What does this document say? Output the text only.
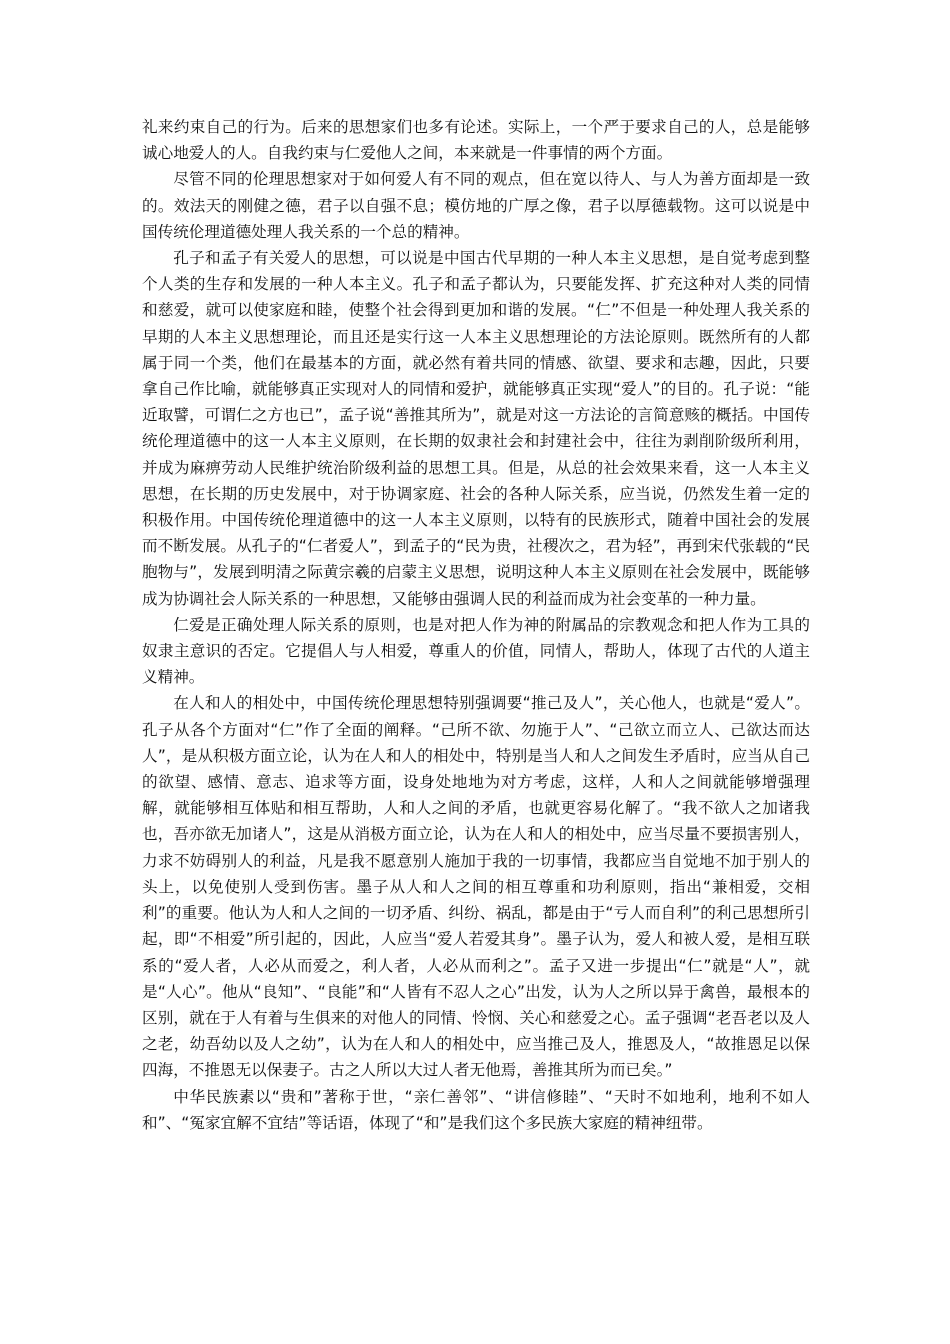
礼来约束自己的行为。后来的思想家们也多有论述。实际上，一个严于要求自己的人，总是能够诚心地爱人的人。自我约束与仁爱他人之间，本来就是一件事情的两个方面。

尽管不同的伦理思想家对于如何爱人有不同的观点，但在宽以待人、与人为善方面却是一致的。效法天的刚健之德，君子以自强不息；模仿地的广厚之像，君子以厚德载物。这可以说是中国传统伦理道德处理人我关系的一个总的精神。

孔子和孟子有关爱人的思想，可以说是中国古代早期的一种人本主义思想，是自觉考虑到整个人类的生存和发展的一种人本主义。孔子和孟子都认为，只要能发挥、扩充这种对人类的同情和慈爱，就可以使家庭和睦，使整个社会得到更加和谐的发展。“仁”不但是一种处理人我关系的早期的人本主义思想理论，而且还是实行这一人本主义思想理论的方法论原则。既然所有的人都属于同一个类，他们在最基本的方面，就必然有着共同的情感、欲望、要求和志趣，因此，只要拿自己作比喻，就能够真正实现对人的同情和爱护，就能够真正实现“爱人”的目的。孔子说：“能近取譬，可谓仁之方也已”，孟子说“善推其所为”，就是对这一方法论的言简意赅的概括。中国传统伦理道德中的这一人本主义原则，在长期的奴隶社会和封建社会中，往往为剥削阶级所利用，并成为麻痹劳动人民维护统治阶级利益的思想工具。但是，从总的社会效果来看，这一人本主义思想，在长期的历史发展中，对于协调家庭、社会的各种人际关系，应当说，仍然发生着一定的积极作用。中国传统伦理道德中的这一人本主义原则，以特有的民族形式，随着中国社会的发展而不断发展。从孔子的“仁者爱人”，到孟子的“民为贵，社稷次之，君为轻”，再到宋代张载的“民胞物与”，发展到明清之际黄宗羲的启蒙主义思想，说明这种人本主义原则在社会发展中，既能够成为协调社会人际关系的一种思想，又能够由强调人民的利益而成为社会变革的一种力量。

仁爱是正确处理人际关系的原则，也是对把人作为神的附属品的宗教观念和把人作为工具的奴隶主意识的否定。它提倡人与人相爱，尊重人的价值，同情人，帮助人，体现了古代的人道主义精神。

在人和人的相处中，中国传统伦理思想特别强调要“推己及人”，关心他人，也就是“爱人”。孔子从各个方面对“仁”作了全面的阐释。“己所不欲、勿施于人”、“己欲立而立人、己欲达而达人”，是从积极方面立论，认为在人和人的相处中，特别是当人和人之间发生矛盾时，应当从自己的欲望、感情、意志、追求等方面，设身处地地为对方考虑，这样，人和人之间就能够增强理解，就能够相互体贴和相互帮助，人和人之间的矛盾，也就更容易化解了。“我不欲人之加诸我也，吾亦欲无加诸人”，这是从消极方面立论，认为在人和人的相处中，应当尽量不要损害别人，力求不妨碍别人的利益，凡是我不愿意别人施加于我的一切事情，我都应当自觉地不加于别人的头上，以免使别人受到伤害。墨子从人和人之间的相互尊重和功利原则，指出“兼相爱，交相利”的重要。他认为人和人之间的一切矛盾、纠纷、祸乱，都是由于“亏人而自利”的利己思想所引起，即“不相爱”所引起的，因此，人应当“爱人若爱其身”。墨子认为，爱人和被人爱，是相互联系的“爱人者，人必从而爱之，利人者，人必从而利之”。孟子又进一步提出“仁”就是“人”，就是“人心”。他从“良知”、“良能”和“人皆有不忍人之心”出发，认为人之所以异于禽兽，最根本的区别，就在于人有着与生俱来的对他人的同情、怜悯、关心和慈爱之心。孟子强调“老吾老以及人之老，幼吾幼以及人之幼”，认为在人和人的相处中，应当推己及人，推恩及人，“故推恩足以保四海，不推恩无以保妻子。古之人所以大过人者无他焉，善推其所为而已矣。”

中华民族素以“贵和”著称于世，“亲仁善邻”、“讲信修睦”、“天时不如地利，地利不如人和”、“冤家宜解不宜结”等话语，体现了“和”是我们这个多民族大家庭的精神纽带。
